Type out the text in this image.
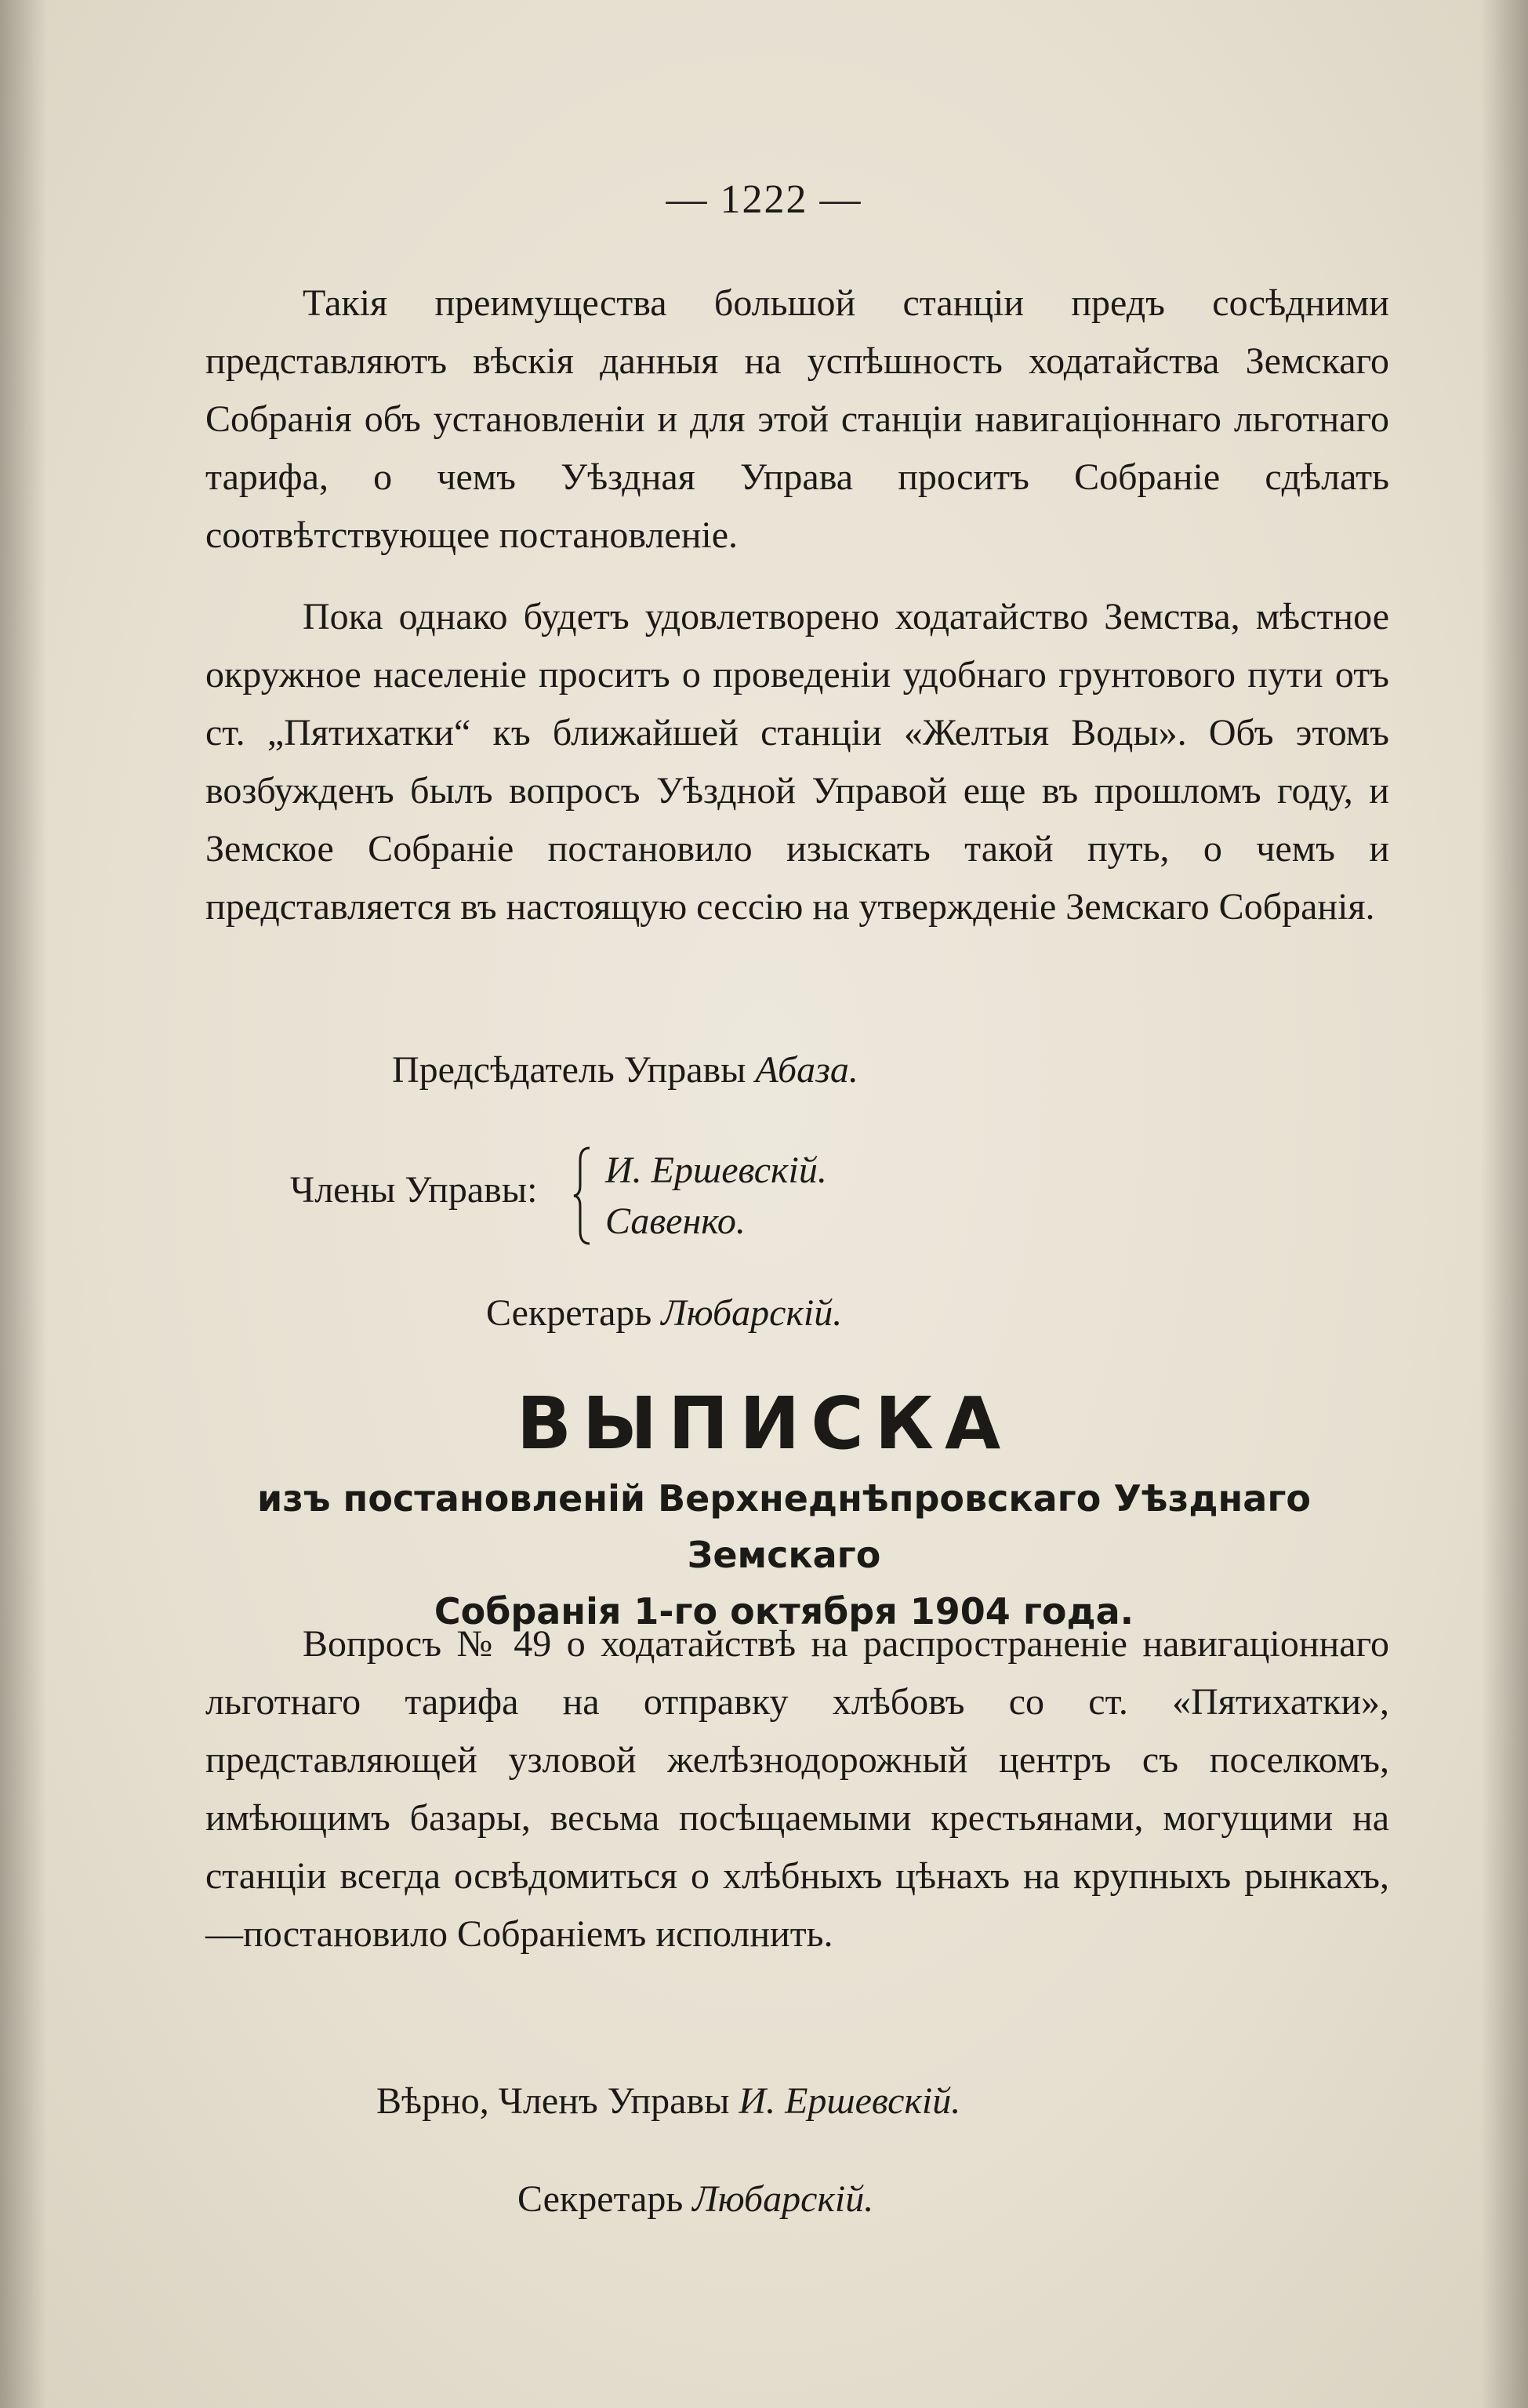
— 1222 —

Такія преимущества большой станціи предъ сосѣдними представляютъ вѣскія данныя на успѣшность ходатайства Земскаго Собранія объ установленіи и для этой станціи навигаціоннаго льготнаго тарифа, о чемъ Уѣздная Управа проситъ Собраніе сдѣлать соотвѣтствующее постановленіе.

Пока однако будетъ удовлетворено ходатайство Земства, мѣстное окружное населеніе проситъ о проведеніи удобнаго грунтового пути отъ ст. „Пятихатки“ къ ближайшей станціи «Желтыя Воды». Объ этомъ возбужденъ былъ вопросъ Уѣздной Управой еще въ прошломъ году, и Земское Собраніе постановило изыскать такой путь, о чемъ и представляется въ настоящую сессію на утвержденіе Земскаго Собранія.

Предсѣдатель Управы Абаза.
Члены Управы: И. Ершевскій.
Савенко.
Секретарь Любарскій.
ВЫПИСКА
изъ постановленій Верхнеднѣпровскаго Уѣзднаго Земскаго
Собранія 1-го октября 1904 года.

Вопросъ № 49 о ходатайствѣ на распространеніе навигаціоннаго льготнаго тарифа на отправку хлѣбовъ со ст. «Пятихатки», представляющей узловой желѣзнодорожный центръ съ поселкомъ, имѣющимъ базары, весьма посѣщаемыми крестьянами, могущими на станціи всегда освѣдомиться о хлѣбныхъ цѣнахъ на крупныхъ рынкахъ,—постановило Собраніемъ исполнить.

Вѣрно, Членъ Управы И. Ершевскій.
Секретарь Любарскій.
